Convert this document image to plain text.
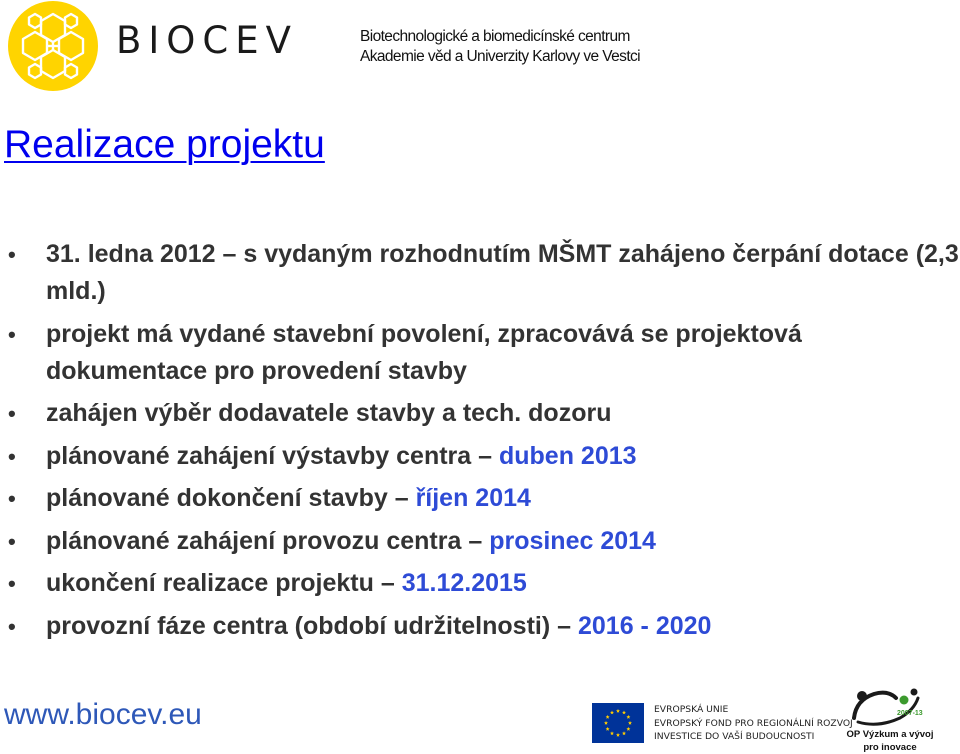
BIOCEV	Biotechnologické a biomedicínské centrum
Akademie věd a Univerzity Karlovy ve Vestci
Realizace projektu
• 31. ledna 2012 – s vydaným rozhodnutím MŠMT zahájeno čerpání dotace (2,3 mld.)
• projekt má vydané stavební povolení, zpracovává se projektová dokumentace pro provedení stavby
• zahájen výběr dodavatele stavby a tech. dozoru
• plánované zahájení výstavby centra – duben 2013
• plánované dokončení stavby – říjen 2014
• plánované zahájení provozu centra – prosinec 2014
• ukončení realizace projektu – 31.12.2015
• provozní fáze centra (období udržitelnosti) – 2016 - 2020
www.biocev.eu	EVROPSKÁ UNIE
EVROPSKÝ FOND PRO REGIONÁLNÍ ROZVOJ
INVESTICE DO VAŠÍ BUDOUCNOSTI
2007-13
OP Výzkum a vývoj
pro inovace
